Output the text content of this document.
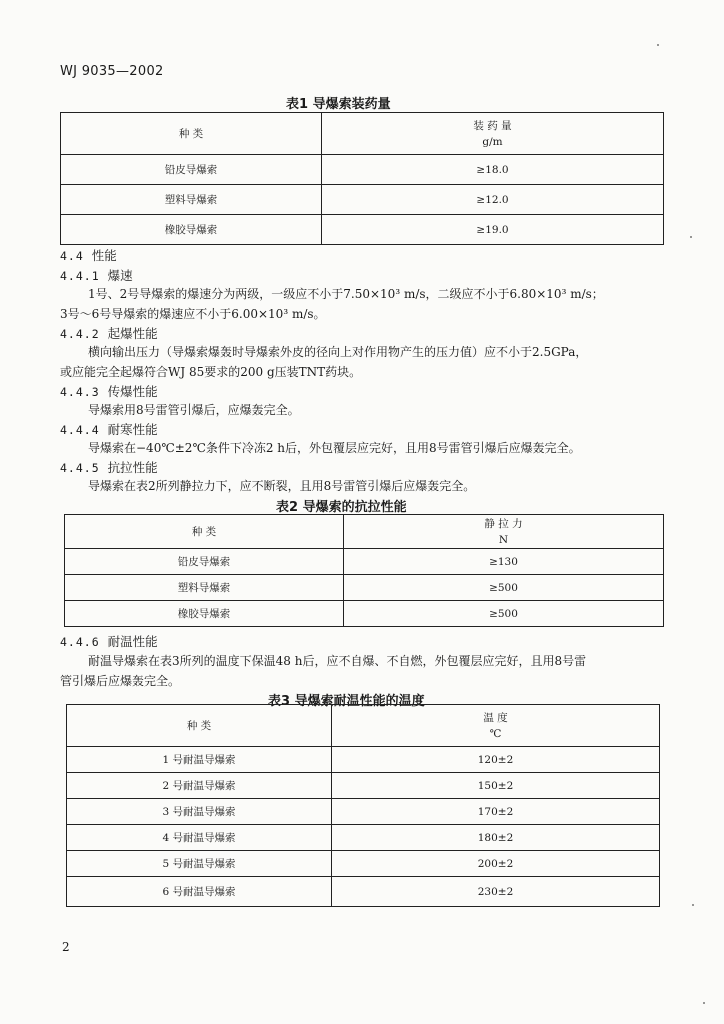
WJ 9035—2002
表1 导爆索装药量
种 类	装 药 量
g/m

铅皮导爆索	≥18.0
塑料导爆索	≥12.0
橡胶导爆索	≥19.0
4.4 性能
4.4.1 爆速
1号、2号导爆索的爆速分为两级，一级应不小于7.50×10³ m/s，二级应不小于6.80×10³ m/s；
3号～6号导爆索的爆速应不小于6.00×10³ m/s。
4.4.2 起爆性能
横向输出压力（导爆索爆轰时导爆索外皮的径向上对作用物产生的压力值）应不小于2.5GPa，
或应能完全起爆符合WJ 85要求的200 g压装TNT药块。
4.4.3 传爆性能
导爆索用8号雷管引爆后，应爆轰完全。
4.4.4 耐寒性能
导爆索在−40℃±2℃条件下冷冻2 h后，外包覆层应完好，且用8号雷管引爆后应爆轰完全。
4.4.5 抗拉性能
导爆索在表2所列静拉力下，应不断裂，且用8号雷管引爆后应爆轰完全。
表2 导爆索的抗拉性能
种 类	静 拉 力
N

铅皮导爆索	≥130
塑料导爆索	≥500
橡胶导爆索	≥500
4.4.6 耐温性能
耐温导爆索在表3所列的温度下保温48 h后，应不自爆、不自燃，外包覆层应完好，且用8号雷
管引爆后应爆轰完全。
表3 导爆索耐温性能的温度
种 类	温 度
℃

1 号耐温导爆索	120±2
2 号耐温导爆索	150±2
3 号耐温导爆索	170±2
4 号耐温导爆索	180±2
5 号耐温导爆索	200±2
6 号耐温导爆索	230±2
2
